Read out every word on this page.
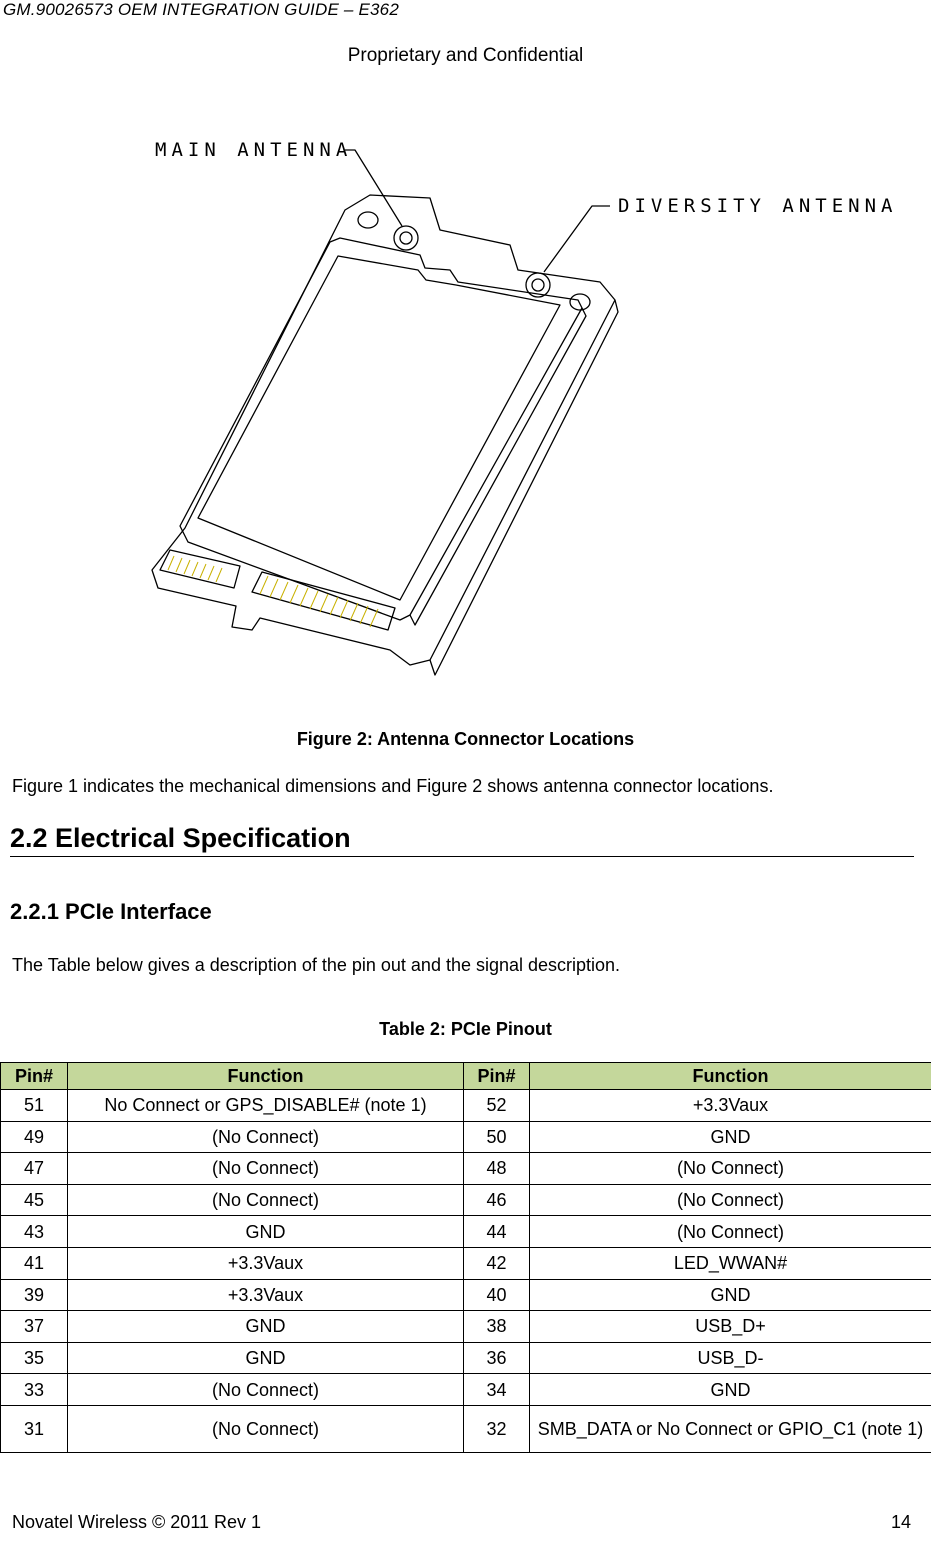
GM.90026573 OEM INTEGRATION GUIDE – E362
Proprietary and Confidential
MAIN ANTENNA
DIVERSITY ANTENNA
Figure 2: Antenna Connector Locations
Figure 1 indicates the mechanical dimensions and Figure 2 shows antenna connector locations.
2.2 Electrical Specification
2.2.1 PCIe Interface
The Table below gives a description of the pin out and the signal description.
Table 2: PCIe Pinout
Pin#	Function	Pin#	Function
51	No Connect or GPS_DISABLE# (note 1)	52	+3.3Vaux
49	(No Connect)	50	GND
47	(No Connect)	48	(No Connect)
45	(No Connect)	46	(No Connect)
43	GND	44	(No Connect)
41	+3.3Vaux	42	LED_WWAN#
39	+3.3Vaux	40	GND
37	GND	38	USB_D+
35	GND	36	USB_D-
33	(No Connect)	34	GND
31	(No Connect)	32	SMB_DATA or No Connect or GPIO_C1 (note 1)
Novatel Wireless © 2011 Rev 1	14
